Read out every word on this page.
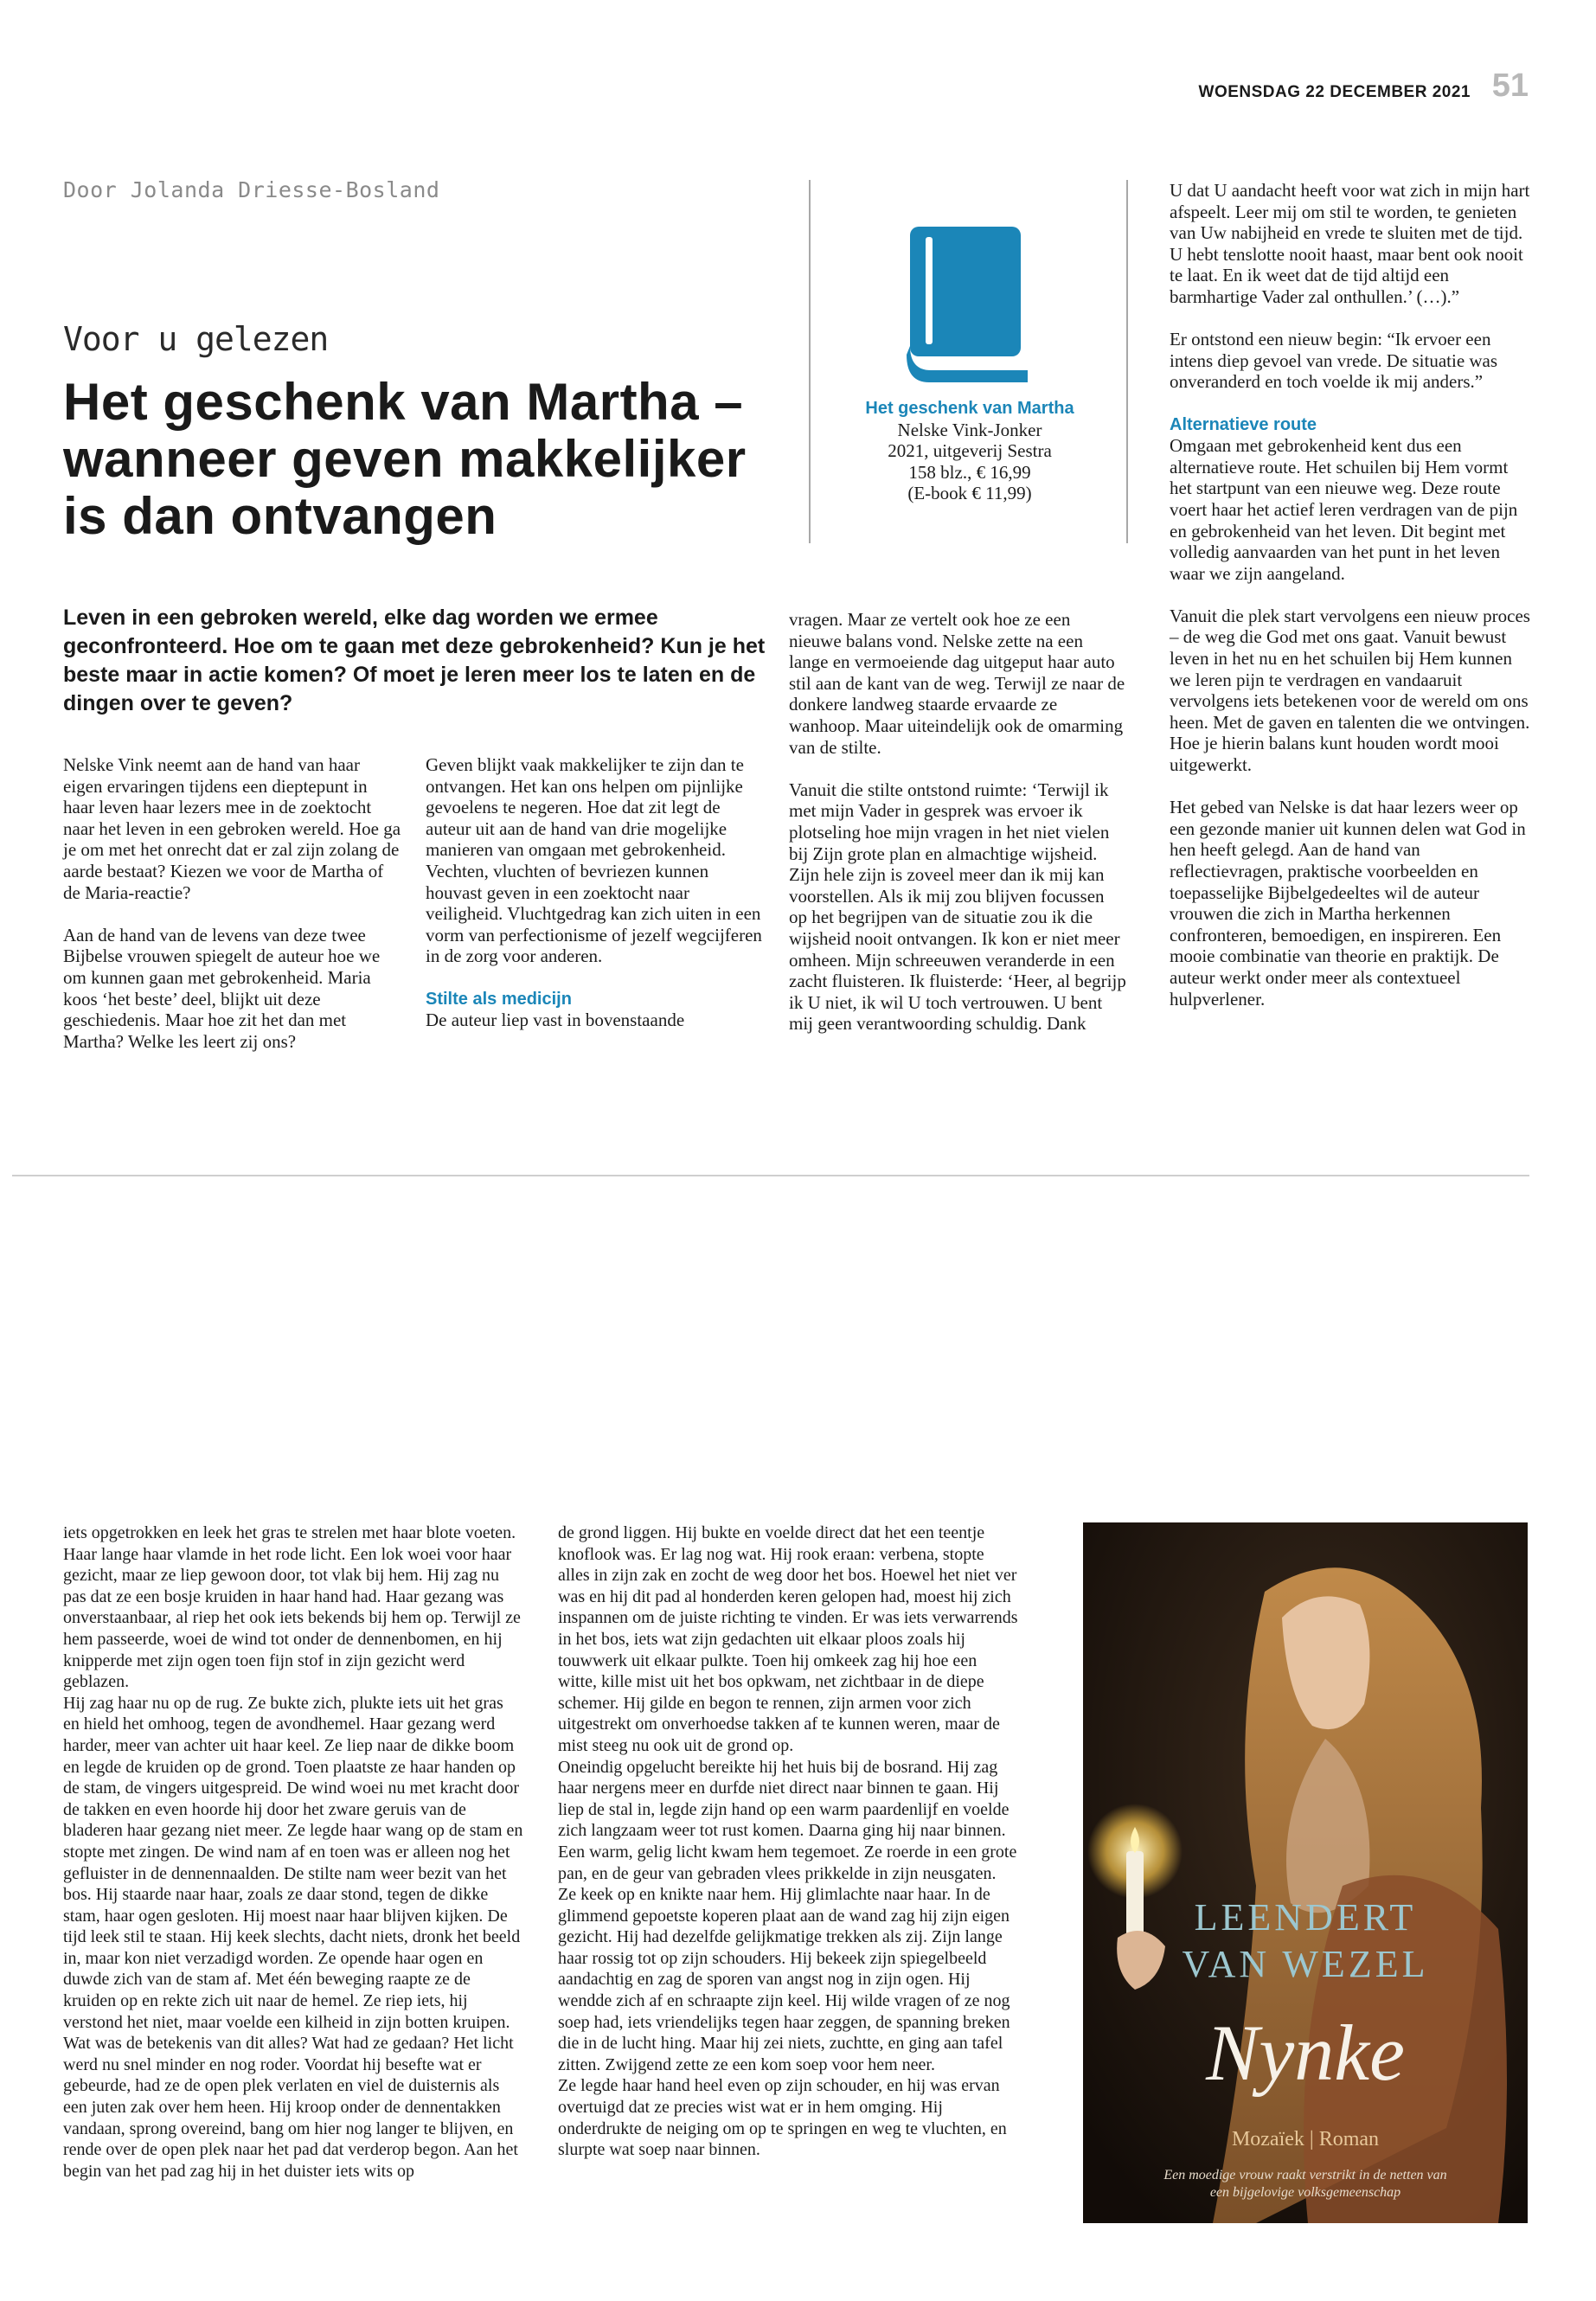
WOENSDAG 22 DECEMBER 2021 51
Door Jolanda Driesse-Bosland
Voor u gelezen
Het geschenk van Martha – wanneer geven makkelijker is dan ontvangen
Leven in een gebroken wereld, elke dag worden we ermee geconfronteerd. Hoe om te gaan met deze gebrokenheid? Kun je het beste maar in actie komen? Of moet je leren meer los te laten en de dingen over te geven?
Het geschenk van Martha
Nelske Vink-Jonker
2021, uitgeverij Sestra
158 blz., € 16,99
(E-book € 11,99)

Nelske Vink neemt aan de hand van haar eigen ervaringen tijdens een dieptepunt in haar leven haar lezers mee in de zoektocht naar het leven in een gebroken wereld. Hoe ga je om met het onrecht dat er zal zijn zolang de aarde bestaat? Kiezen we voor de Martha of de Maria-reactie?

Aan de hand van de levens van deze twee Bijbelse vrouwen spiegelt de auteur hoe we om kunnen gaan met gebrokenheid. Maria koos ‘het beste’ deel, blijkt uit deze geschiedenis. Maar hoe zit het dan met Martha? Welke les leert zij ons?

Geven blijkt vaak makkelijker te zijn dan te ontvangen. Het kan ons helpen om pijnlijke gevoelens te negeren. Hoe dat zit legt de auteur uit aan de hand van drie mogelijke manieren van omgaan met gebrokenheid. Vechten, vluchten of bevriezen kunnen houvast geven in een zoektocht naar veiligheid. Vluchtgedrag kan zich uiten in een vorm van perfectionisme of jezelf wegcijferen in de zorg voor anderen.

Stilte als medicijn

De auteur liep vast in bovenstaande

vragen. Maar ze vertelt ook hoe ze een nieuwe balans vond. Nelske zette na een lange en vermoeiende dag uitgeput haar auto stil aan de kant van de weg. Terwijl ze naar de donkere landweg staarde ervaarde ze wanhoop. Maar uiteindelijk ook de omarming van de stilte.

Vanuit die stilte ontstond ruimte: ‘Terwijl ik met mijn Vader in gesprek was ervoer ik plotseling hoe mijn vragen in het niet vielen bij Zijn grote plan en almachtige wijsheid. Zijn hele zijn is zoveel meer dan ik mij kan voorstellen. Als ik mij zou blijven focussen op het begrijpen van de situatie zou ik die wijsheid nooit ontvangen. Ik kon er niet meer omheen. Mijn schreeuwen veranderde in een zacht fluisteren. Ik fluisterde: ‘Heer, al begrijp ik U niet, ik wil U toch vertrouwen. U bent mij geen verantwoording schuldig. Dank

U dat U aandacht heeft voor wat zich in mijn hart afspeelt. Leer mij om stil te worden, te genieten van Uw nabijheid en vrede te sluiten met de tijd. U hebt tenslotte nooit haast, maar bent ook nooit te laat. En ik weet dat de tijd altijd een barmhartige Vader zal onthullen.’ (…).”

Er ontstond een nieuw begin: “Ik ervoer een intens diep gevoel van vrede. De situatie was onveranderd en toch voelde ik mij anders.”

Alternatieve route

Omgaan met gebrokenheid kent dus een alternatieve route. Het schuilen bij Hem vormt het startpunt van een nieuwe weg. Deze route voert haar het actief leren verdragen van de pijn en gebrokenheid van het leven. Dit begint met volledig aanvaarden van het punt in het leven waar we zijn aangeland.

Vanuit die plek start vervolgens een nieuw proces – de weg die God met ons gaat. Vanuit bewust leven in het nu en het schuilen bij Hem kunnen we leren pijn te verdragen en vandaaruit vervolgens iets betekenen voor de wereld om ons heen. Met de gaven en talenten die we ontvingen. Hoe je hierin balans kunt houden wordt mooi uitgewerkt.

Het gebed van Nelske is dat haar lezers weer op een gezonde manier uit kunnen delen wat God in hen heeft gelegd. Aan de hand van reflectievragen, praktische voorbeelden en toepasselijke Bijbelgedeeltes wil de auteur vrouwen die zich in Martha herkennen confronteren, bemoedigen, en inspireren. Een mooie combinatie van theorie en praktijk. De auteur werkt onder meer als contextueel hulpverlener.

iets opgetrokken en leek het gras te strelen met haar blote voeten. Haar lange haar vlamde in het rode licht. Een lok woei voor haar gezicht, maar ze liep gewoon door, tot vlak bij hem. Hij zag nu pas dat ze een bosje kruiden in haar hand had. Haar gezang was onverstaanbaar, al riep het ook iets bekends bij hem op. Terwijl ze hem passeerde, woei de wind tot onder de dennenbomen, en hij knipperde met zijn ogen toen fijn stof in zijn gezicht werd geblazen.
Hij zag haar nu op de rug. Ze bukte zich, plukte iets uit het gras en hield het omhoog, tegen de avondhemel. Haar gezang werd harder, meer van achter uit haar keel. Ze liep naar de dikke boom en legde de kruiden op de grond. Toen plaatste ze haar handen op de stam, de vingers uitgespreid. De wind woei nu met kracht door de takken en even hoorde hij door het zware geruis van de bladeren haar gezang niet meer. Ze legde haar wang op de stam en stopte met zingen. De wind nam af en toen was er alleen nog het gefluister in de dennennaalden. De stilte nam weer bezit van het bos. Hij staarde naar haar, zoals ze daar stond, tegen de dikke stam, haar ogen gesloten. Hij moest naar haar blijven kijken. De tijd leek stil te staan. Hij keek slechts, dacht niets, dronk het beeld in, maar kon niet verzadigd worden. Ze opende haar ogen en duwde zich van de stam af. Met één beweging raapte ze de kruiden op en rekte zich uit naar de hemel. Ze riep iets, hij verstond het niet, maar voelde een kilheid in zijn botten kruipen. Wat was de betekenis van dit alles? Wat had ze gedaan? Het licht werd nu snel minder en nog roder. Voordat hij besefte wat er gebeurde, had ze de open plek verlaten en viel de duisternis als een juten zak over hem heen. Hij kroop onder de dennentakken vandaan, sprong overeind, bang om hier nog langer te blijven, en rende over de open plek naar het pad dat verderop begon. Aan het begin van het pad zag hij in het duister iets wits op
de grond liggen. Hij bukte en voelde direct dat het een teentje knoflook was. Er lag nog wat. Hij rook eraan: verbena, stopte alles in zijn zak en zocht de weg door het bos. Hoewel het niet ver was en hij dit pad al honderden keren gelopen had, moest hij zich inspannen om de juiste richting te vinden. Er was iets verwarrends in het bos, iets wat zijn gedachten uit elkaar ploos zoals hij touwwerk uit elkaar pulkte. Toen hij omkeek zag hij hoe een witte, kille mist uit het bos opkwam, net zichtbaar in de diepe schemer. Hij gilde en begon te rennen, zijn armen voor zich uitgestrekt om onverhoedse takken af te kunnen weren, maar de mist steeg nu ook uit de grond op.
Oneindig opgelucht bereikte hij het huis bij de bosrand. Hij zag haar nergens meer en durfde niet direct naar binnen te gaan. Hij liep de stal in, legde zijn hand op een warm paardenlijf en voelde zich langzaam weer tot rust komen. Daarna ging hij naar binnen. Een warm, gelig licht kwam hem tegemoet. Ze roerde in een grote pan, en de geur van gebraden vlees prikkelde in zijn neusgaten. Ze keek op en knikte naar hem. Hij glimlachte naar haar. In de glimmend gepoetste koperen plaat aan de wand zag hij zijn eigen gezicht. Hij had dezelfde gelijkmatige trekken als zij. Zijn lange haar rossig tot op zijn schouders. Hij bekeek zijn spiegelbeeld aandachtig en zag de sporen van angst nog in zijn ogen. Hij wendde zich af en schraapte zijn keel. Hij wilde vragen of ze nog soep had, iets vriendelijks tegen haar zeggen, de spanning breken die in de lucht hing. Maar hij zei niets, zuchtte, en ging aan tafel zitten. Zwijgend zette ze een kom soep voor hem neer.
Ze legde haar hand heel even op zijn schouder, en hij was ervan overtuigd dat ze precies wist wat er in hem omging. Hij onderdrukte de neiging om op te springen en weg te vluchten, en slurpte wat soep naar binnen.
LEENDERT
VAN WEZEL
Nynke
Mozaïek | Roman
Een moedige vrouw raakt verstrikt in de netten van
een bijgelovige volksgemeenschap
